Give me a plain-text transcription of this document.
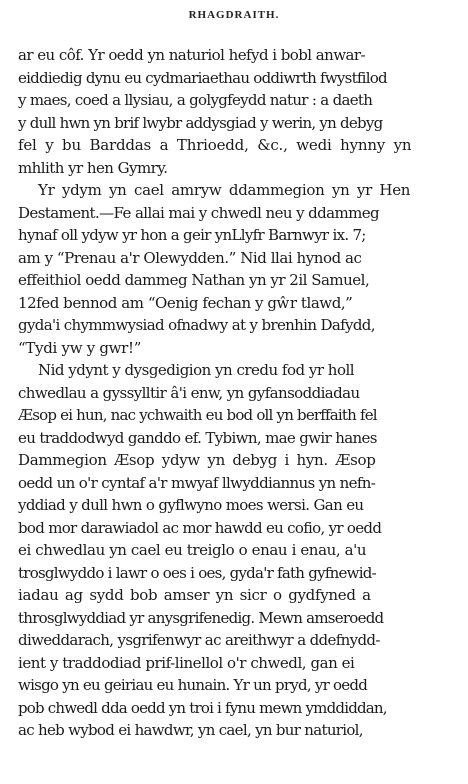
RHAGDRAITH.
ar eu côf. Yr oedd yn naturiol hefyd i bobl anwar-
eiddiedig dynu eu cydmariaethau oddiwrth fwystfilod
y maes, coed a llysiau, a golygfeydd natur : a daeth
y dull hwn yn brif lwybr addysgiad y werin, yn debyg
fel y bu Barddas a Thrioedd, &c., wedi hynny yn
mhlith yr hen Gymry.
Yr ydym yn cael amryw ddammegion yn yr Hen
Destament.—Fe allai mai y chwedl neu y ddammeg
hynaf oll ydyw yr hon a geir ynLlyfr Barnwyr ix. 7;
am y “Prenau a'r Olewydden.” Nid llai hynod ac
effeithiol oedd dammeg Nathan yn yr 2il Samuel,
12fed bennod am “Oenig fechan y gŵr tlawd,”
gyda'i chymmwysiad ofnadwy at y brenhin Dafydd,
“Tydi yw y gwr!”
Nid ydynt y dysgedigion yn credu fod yr holl
chwedlau a gyssylltir â'i enw, yn gyfansoddiadau
Æsop ei hun, nac ychwaith eu bod oll yn berffaith fel
eu traddodwyd ganddo ef. Tybiwn, mae gwir hanes
Dammegion Æsop ydyw yn debyg i hyn. Æsop
oedd un o'r cyntaf a'r mwyaf llwyddiannus yn nefn-
yddiad y dull hwn o gyflwyno moes wersi. Gan eu
bod mor darawiadol ac mor hawdd eu cofio, yr oedd
ei chwedlau yn cael eu treiglo o enau i enau, a'u
trosglwyddo i lawr o oes i oes, gyda'r fath gyfnewid-
iadau ag sydd bob amser yn sicr o gydfyned a
throsglwyddiad yr anysgrifenedig. Mewn amseroedd
diweddarach, ysgrifenwyr ac areithwyr a ddefnydd-
ient y traddodiad prif-linellol o'r chwedl, gan ei
wisgo yn eu geiriau eu hunain. Yr un pryd, yr oedd
pob chwedl dda oedd yn troi i fynu mewn ymddiddan,
ac heb wybod ei hawdwr, yn cael, yn bur naturiol,
